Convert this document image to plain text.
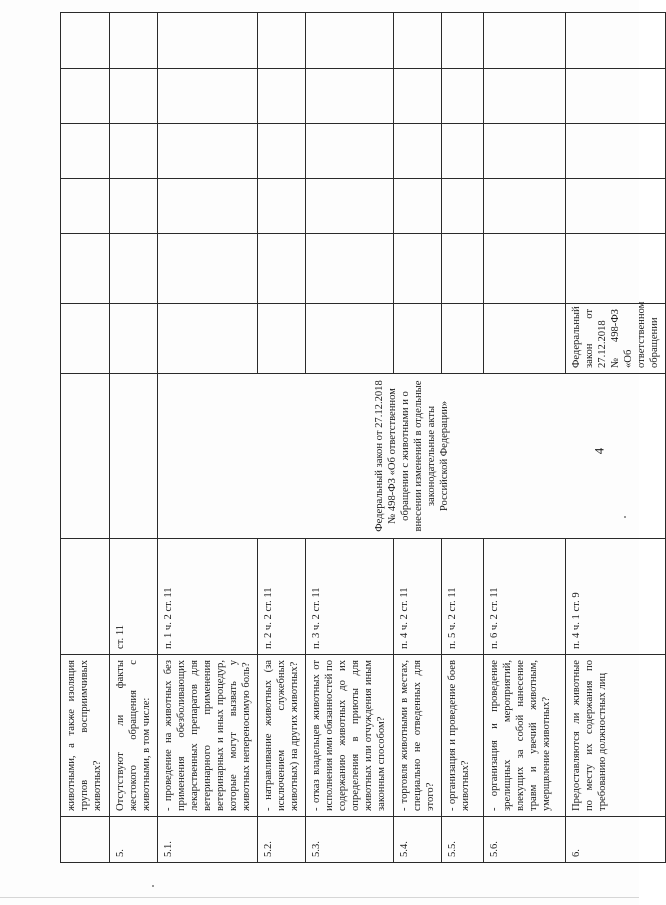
	животными, а также изоляция трупов восприимчивых животных?									
5.	Отсутствуют ли факты жестокого обращения с животными, в том числе:	ст. 11								
5.1.	- проведение на животных без применения обезболивающих лекарственных препаратов для ветеринарного применения ветеринарных и иных процедур, которые могут вызвать у животных непереносимую боль?	п. 1 ч. 2 ст. 11	Федеральный закон от 27.12.2018 № 498-ФЗ «Об ответственном обращении с животными и о внесении изменений в отдельные законодательные акты Российской Федерации»							
5.2.	- натравливание животных (за исключением служебных животных) на других животных?	п. 2 ч. 2 ст. 11								
5.3.	- отказ владельцев животных от исполнения ими обязанностей по содержанию животных до их определения в приюты для животных или отчуждения иным законным способом?	п. 3 ч. 2 ст. 11								
5.4.	- торговля животными в местах, специально не отведенных для этого?	п. 4 ч. 2 ст. 11								
5.5.	- организация и проведение боев животных?	п. 5 ч. 2 ст. 11								
5.6.	- организация и проведение зрелищных мероприятий, влекущих за собой нанесение травм и увечий животным, умерщвление животных?	п. 6 ч. 2 ст. 11								
6.	Предоставляются ли животные по месту их содержания по требованию должностных лиц	п. 4 ч. 1 ст. 9		Федеральный закон от 27.12.2018 № 498-ФЗ «Об ответственном обращении						
4
